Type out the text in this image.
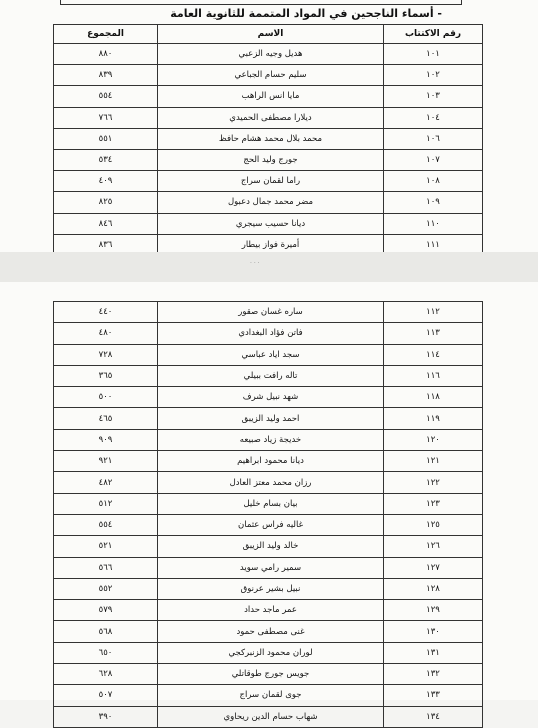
- أسماء الناجحين في المواد المتممة للثانوية العامة
رقم الاكتتاب	الاسم	المجموع
١٠١	هديل وجيه الزعبي	٨٨٠
١٠٢	سليم حسام الجباعي	٨٣٩
١٠٣	مايا انس الراهب	٥٥٤
١٠٤	ديلارا مصطفى الحميدي	٧٦٦
١٠٦	محمد بلال محمد هشام حافظ	٥٥١
١٠٧	جورج وليد الحج	٥٣٤
١٠٨	راما لقمان سراج	٤٠٩
١٠٩	مضر محمد جمال دعبول	٨٢٥
١١٠	ديانا حسيب سيجري	٨٤٦
١١١	أميرة فواز بيطار	٨٣٦
· · ·
١١٢	ساره غسان صقور	٤٤٠
١١٣	فاتن فؤاد البغدادي	٤٨٠
١١٤	سجد اياد عباسي	٧٢٨
١١٦	تاله رافت ببيلي	٣٦٥
١١٨	شهد نبيل شرف	٥٠٠
١١٩	احمد وليد الزيبق	٤٦٥
١٢٠	خديجة زياد صبيعه	٩٠٩
١٢١	ديانا محمود ابراهيم	٩٢١
١٢٢	رزان محمد معتز العادل	٤٨٢
١٢٣	بيان بسام خليل	٥١٢
١٢٥	غاليه فراس عثمان	٥٥٤
١٢٦	خالد وليد الزيبق	٥٢١
١٢٧	سمير رامي سويد	٥٦٦
١٢٨	نبيل بشير عرنوق	٥٥٢
١٢٩	عمر ماجد حداد	٥٧٩
١٣٠	غنى مصطفى حمود	٥٦٨
١٣١	لوران محمود الزنبركجي	٦٥٠
١٣٢	جويس جورج طوقاتلي	٦٢٨
١٣٣	جوى لقمان سراج	٥٠٧
١٣٤	شهاب حسام الدين ريحاوي	٣٩٠
